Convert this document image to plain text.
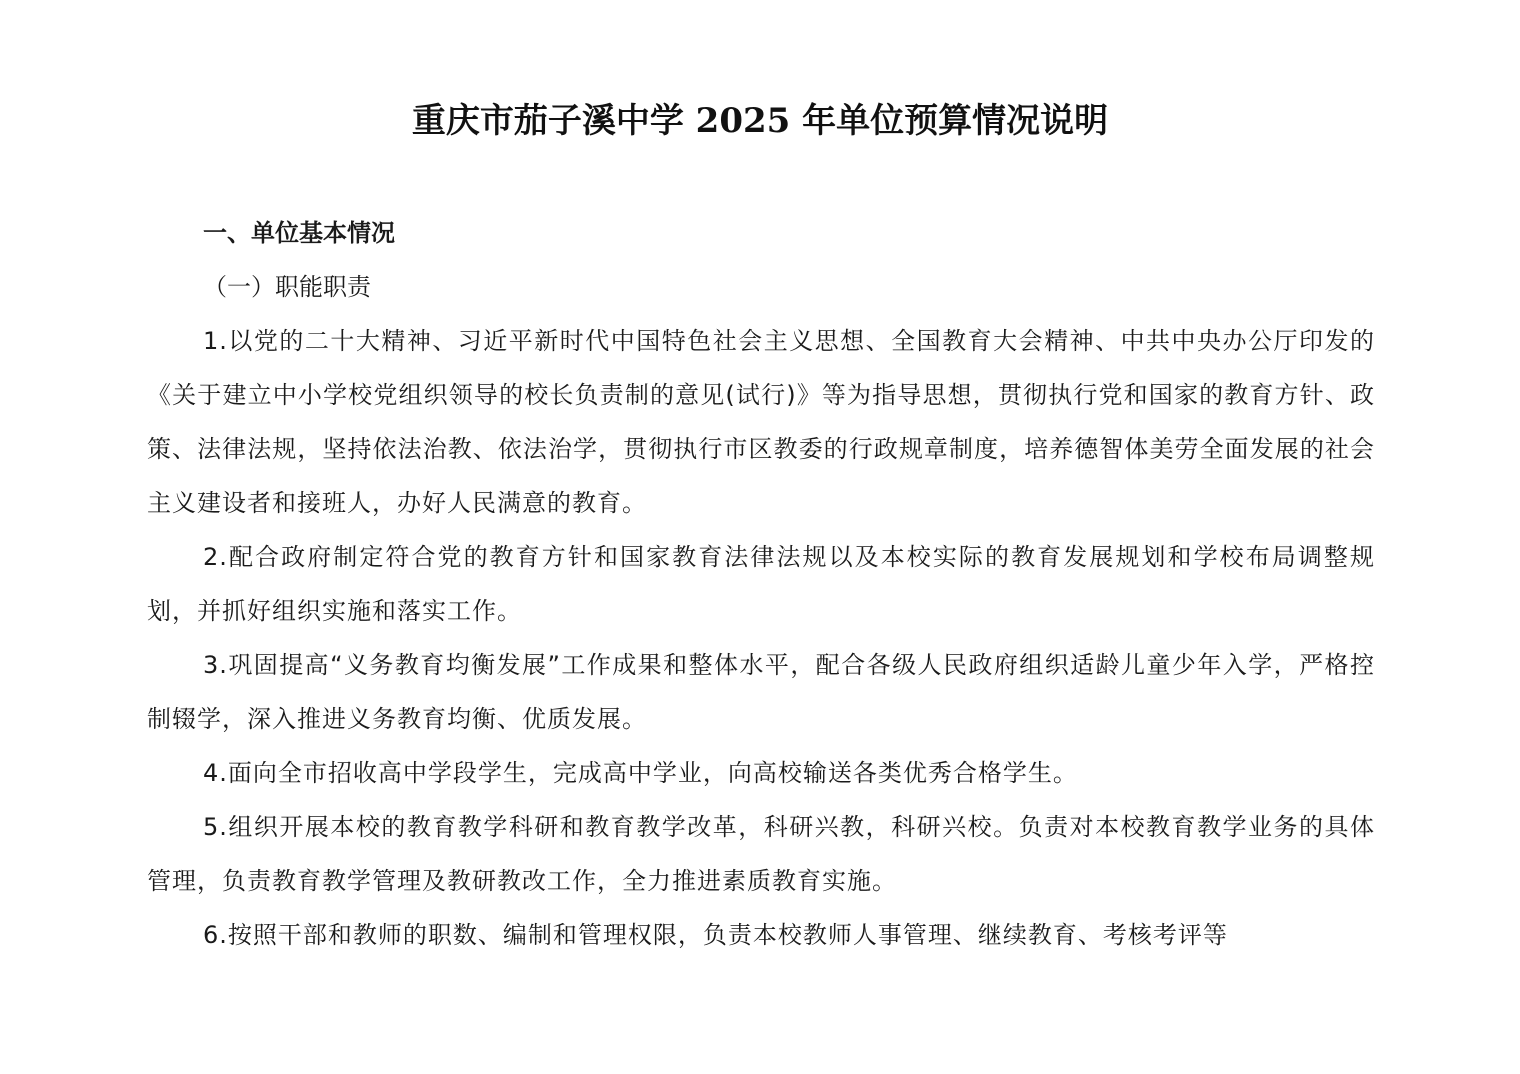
重庆市茄子溪中学 2025 年单位预算情况说明

一、单位基本情况

（一）职能职责

1.以党的二十大精神、习近平新时代中国特色社会主义思想、全国教育大会精神、中共中央办公厅印发的《关于建立中小学校党组织领导的校长负责制的意见(试行)》等为指导思想，贯彻执行党和国家的教育方针、政策、法律法规，坚持依法治教、依法治学，贯彻执行市区教委的行政规章制度，培养德智体美劳全面发展的社会主义建设者和接班人，办好人民满意的教育。

2.配合政府制定符合党的教育方针和国家教育法律法规以及本校实际的教育发展规划和学校布局调整规划，并抓好组织实施和落实工作。

3.巩固提高“义务教育均衡发展”工作成果和整体水平，配合各级人民政府组织适龄儿童少年入学，严格控制辍学，深入推进义务教育均衡、优质发展。

4.面向全市招收高中学段学生，完成高中学业，向高校输送各类优秀合格学生。

5.组织开展本校的教育教学科研和教育教学改革，科研兴教，科研兴校。负责对本校教育教学业务的具体管理，负责教育教学管理及教研教改工作，全力推进素质教育实施。

6.按照干部和教师的职数、编制和管理权限，负责本校教师人事管理、继续教育、考核考评等
